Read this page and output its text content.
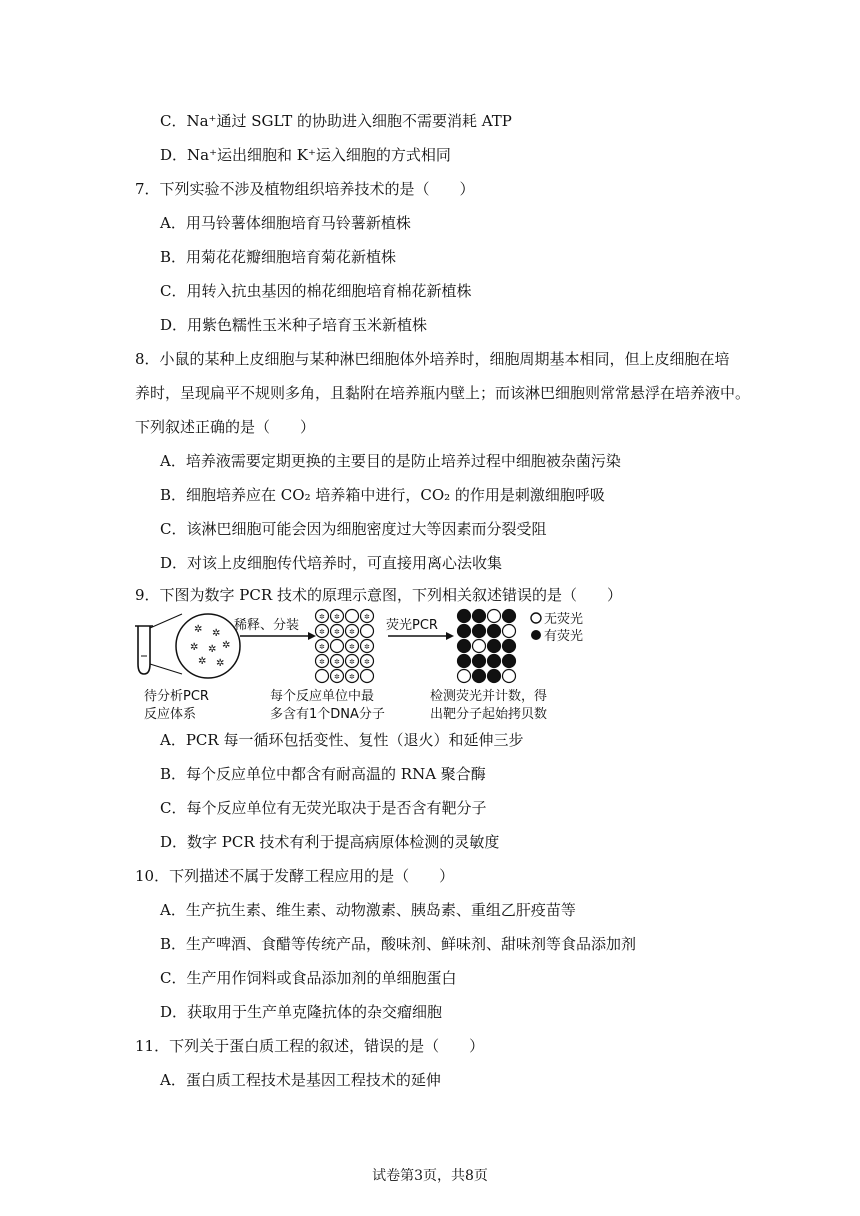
C．Na⁺通过 SGLT 的协助进入细胞不需要消耗 ATP
D．Na⁺运出细胞和 K⁺运入细胞的方式相同
7．下列实验不涉及植物组织培养技术的是（　　）
A．用马铃薯体细胞培育马铃薯新植株
B．用菊花花瓣细胞培育菊花新植株
C．用转入抗虫基因的棉花细胞培育棉花新植株
D．用紫色糯性玉米种子培育玉米新植株
8．小鼠的某种上皮细胞与某种淋巴细胞体外培养时，细胞周期基本相同，但上皮细胞在培
养时，呈现扁平不规则多角，且黏附在培养瓶内壁上；而该淋巴细胞则常常悬浮在培养液中。
下列叙述正确的是（　　）
A．培养液需要定期更换的主要目的是防止培养过程中细胞被杂菌污染
B．细胞培养应在 CO₂ 培养箱中进行，CO₂ 的作用是刺激细胞呼吸
C．该淋巴细胞可能会因为细胞密度过大等因素而分裂受阻
D．对该上皮细胞传代培养时，可直接用离心法收集
9．下图为数字 PCR 技术的原理示意图，下列相关叙述错误的是（　　）
✲ ✲
✲ ✲ ✲
✲ ✲
稀释、分装
✲ ✲	✲
✲ ✲ ✲
✲	✲ ✲
✲ ✲ ✲ ✲
✲ ✲
荧光PCR	无荧光
有荧光
待分析PCR
反应体系
每个反应单位中最
多含有1个DNA分子
检测荧光并计数，得
出靶分子起始拷贝数
A．PCR 每一循环包括变性、复性（退火）和延伸三步
B．每个反应单位中都含有耐高温的 RNA 聚合酶
C．每个反应单位有无荧光取决于是否含有靶分子
D．数字 PCR 技术有利于提高病原体检测的灵敏度
10．下列描述不属于发酵工程应用的是（　　）
A．生产抗生素、维生素、动物激素、胰岛素、重组乙肝疫苗等
B．生产啤酒、食醋等传统产品，酸味剂、鲜味剂、甜味剂等食品添加剂
C．生产用作饲料或食品添加剂的单细胞蛋白
D．获取用于生产单克隆抗体的杂交瘤细胞
11．下列关于蛋白质工程的叙述，错误的是（　　）
A．蛋白质工程技术是基因工程技术的延伸
试卷第3页，共8页
